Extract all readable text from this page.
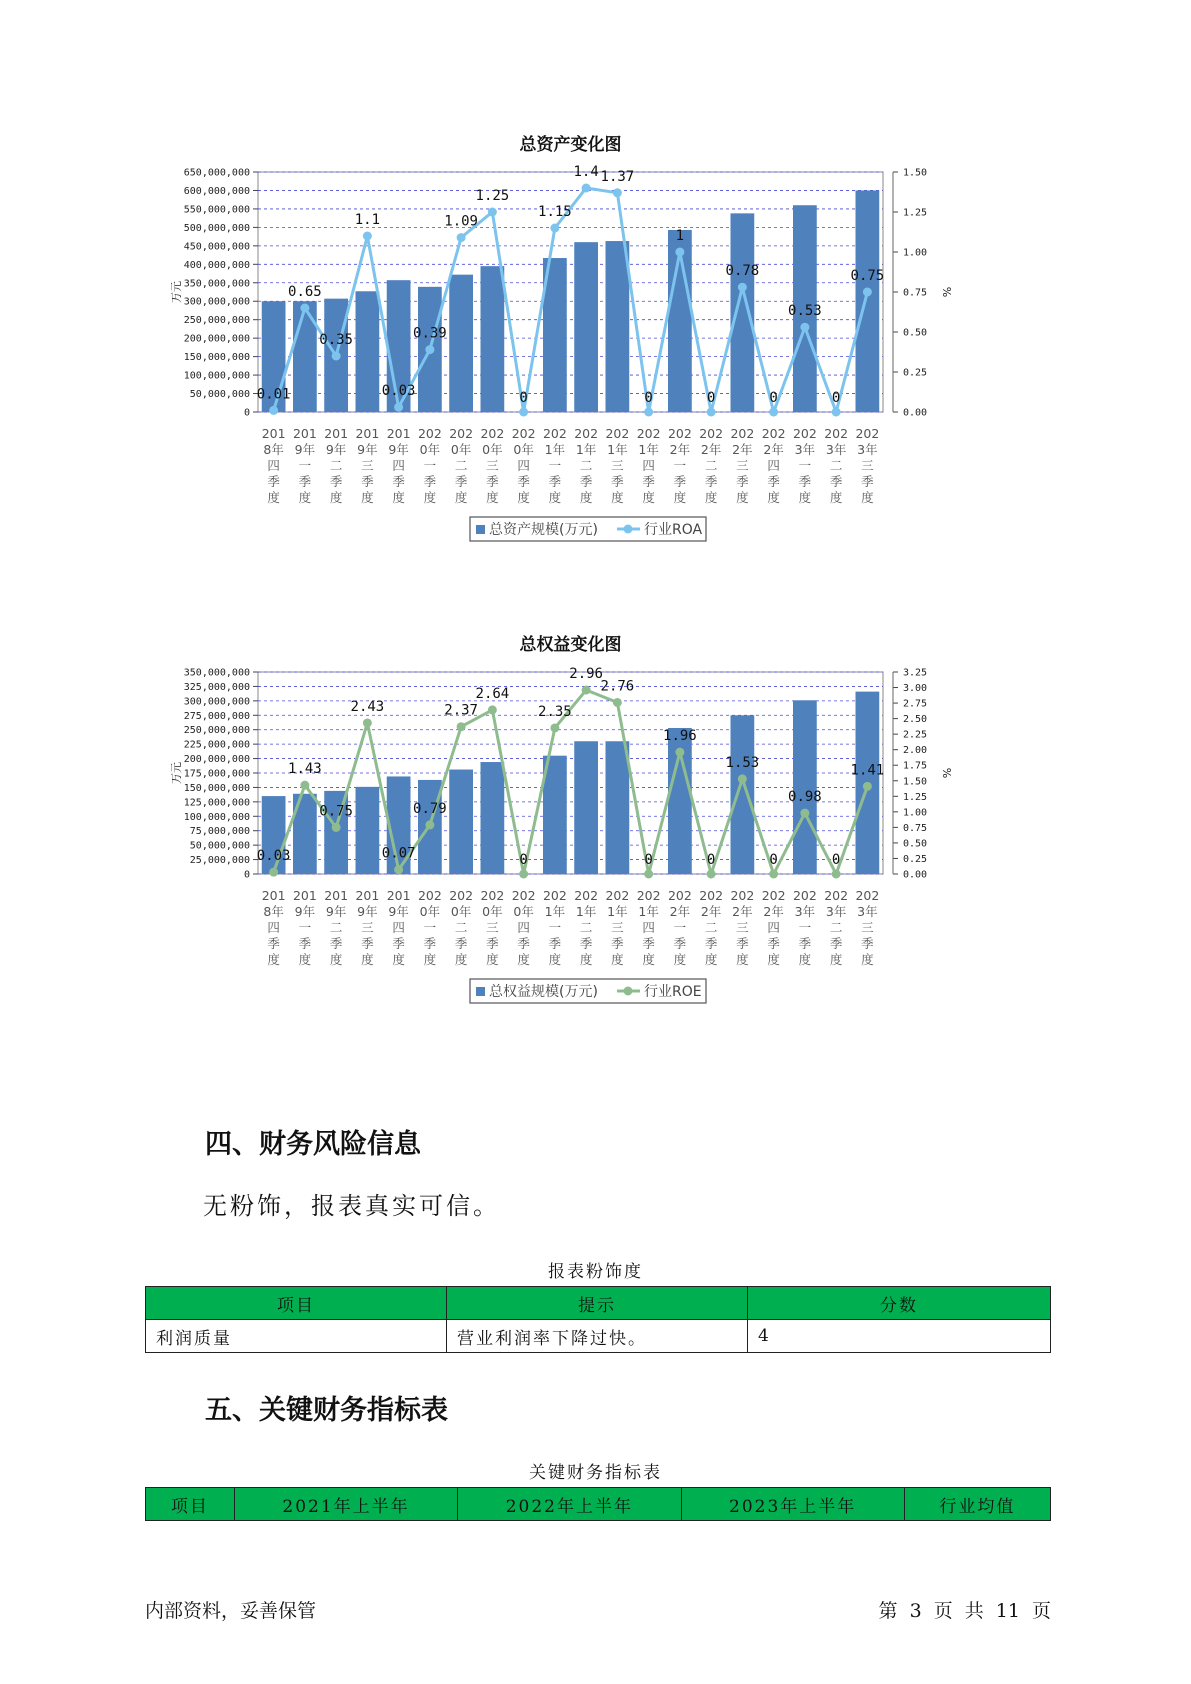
总资产变化图
650,000,000
600,000,000
550,000,000
500,000,000
450,000,000
400,000,000
350,000,000
300,000,000
250,000,000
200,000,000
150,000,000
100,000,000
50,000,000
0
1.50
1.25
1.00
0.75
0.50
0.25
0.00
万元	%
0.01
0.65
0.35
1.1
0.03
0.39
1.09
1.25
0
1.15
1.4 1.37
0
1
0
0.78
0
0.53
0
0.75
201 8年四季度
201 9年一季度
201 9年二季度
201 9年三季度
201 9年四季度
202 0年一季度
202 0年二季度
202 0年三季度
202 0年四季度
202 1年一季度
202 1年二季度
202 1年三季度
202 1年四季度
202 2年一季度
202 2年二季度
202 2年三季度
202 2年四季度
202 3年一季度
202 3年二季度
202 3年三季度
总资产规模(万元)	行业ROA
总权益变化图
350,000,000
325,000,000
300,000,000
275,000,000
250,000,000
225,000,000
200,000,000
175,000,000
150,000,000
125,000,000
100,000,000
75,000,000
50,000,000
25,000,000
0
3.25
3.00
2.75
2.50
2.25
2.00
1.75
1.50
1.25
1.00
0.75
0.50
0.25
0.00
万元	%
0.03
1.43
0.75
2.43
0.07
0.79
2.37
2.64
0
2.35
2.96
2.76
0
1.96
0
1.53
0
0.98
0
1.41
201 8年四季度
201 9年一季度
201 9年二季度
201 9年三季度
201 9年四季度
202 0年一季度
202 0年二季度
202 0年三季度
202 0年四季度
202 1年一季度
202 1年二季度
202 1年三季度
202 1年四季度
202 2年一季度
202 2年二季度
202 2年三季度
202 2年四季度
202 3年一季度
202 3年二季度
202 3年三季度
总权益规模(万元)	行业ROE
四、财务风险信息

无粉饰，报表真实可信。

报表粉饰度
项目	提示	分数
利润质量	营业利润率下降过快。	4
五、关键财务指标表
关键财务指标表
项目	2021年上半年	2022年上半年	2023年上半年	行业均值
内部资料，妥善保管	第 3 页 共 11 页
